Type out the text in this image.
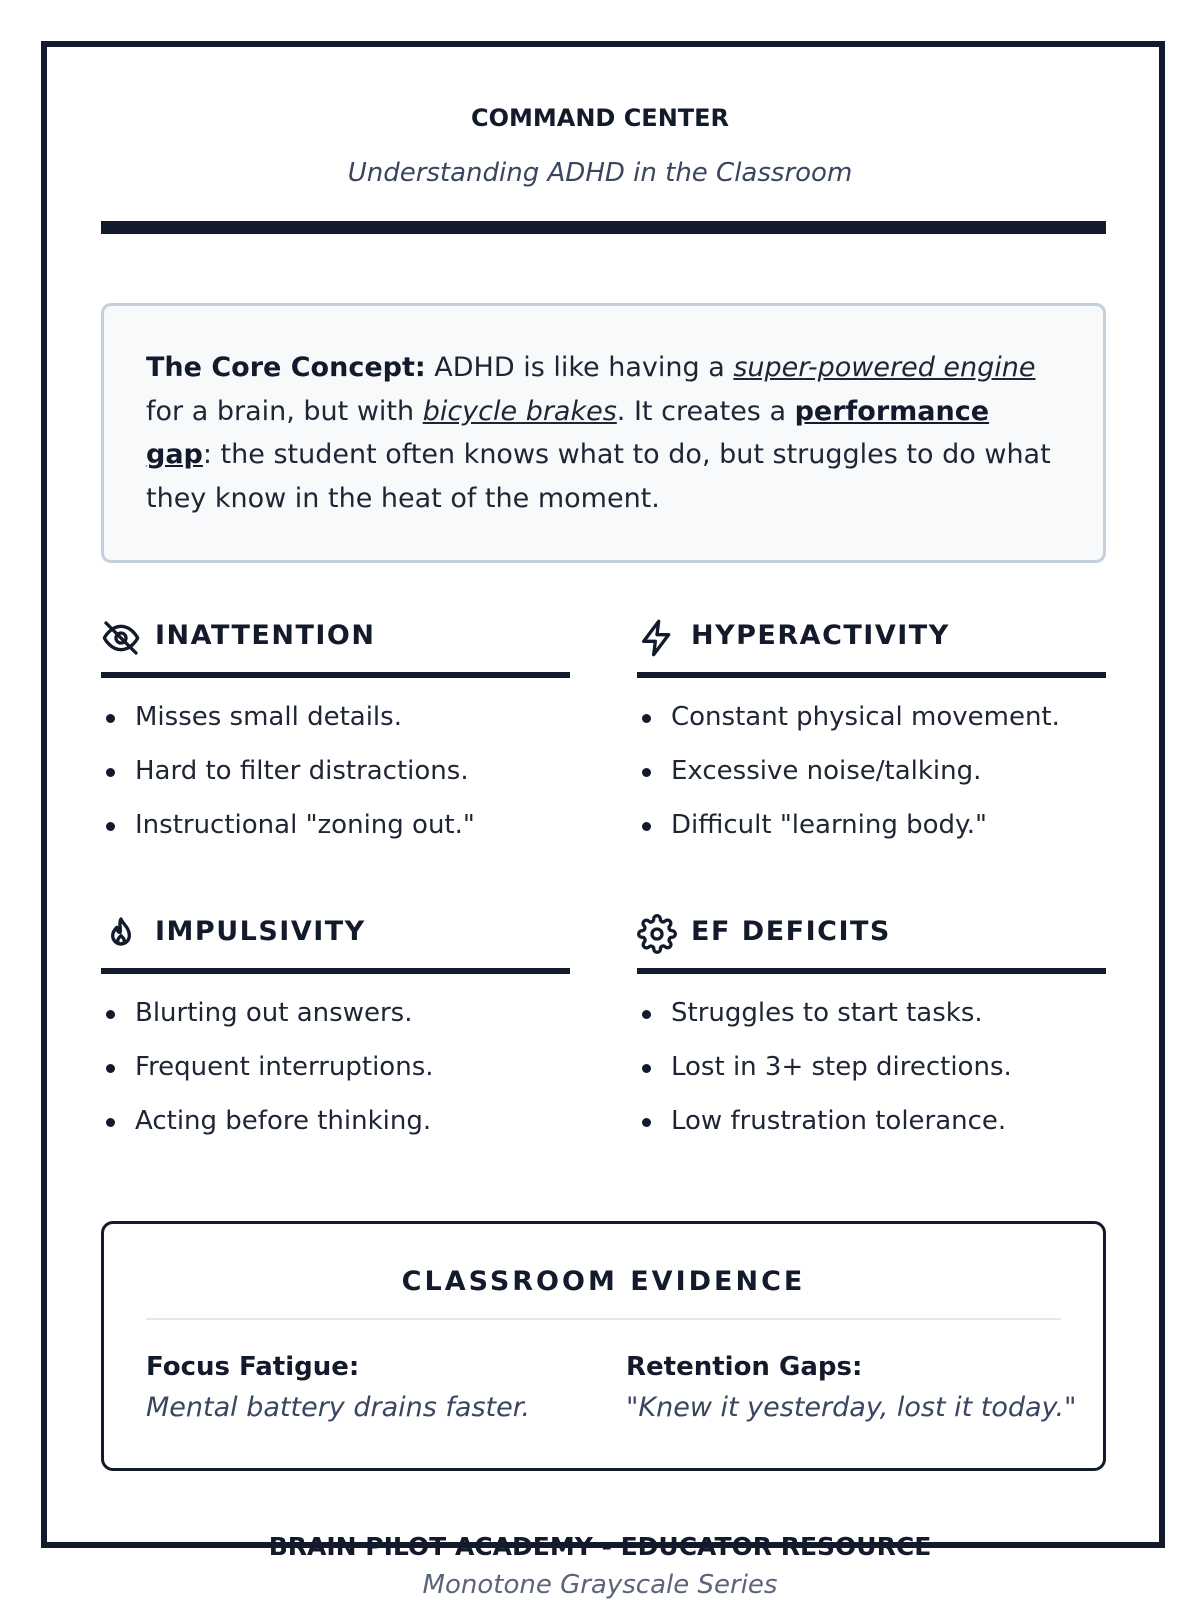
COMMAND CENTER
Understanding ADHD in the Classroom
The Core Concept: ADHD is like having a super-powered engine for a brain, but with bicycle brakes. It creates a performance gap: the student often knows what to do, but struggles to do what they know in the heat of the moment.
INATTENTION
Misses small details.
Hard to filter distractions.
Instructional "zoning out."
HYPERACTIVITY
Constant physical movement.
Excessive noise/talking.
Difficult "learning body."
IMPULSIVITY
Blurting out answers.
Frequent interruptions.
Acting before thinking.
EF DEFICITS
Struggles to start tasks.
Lost in 3+ step directions.
Low frustration tolerance.
CLASSROOM EVIDENCE
Focus Fatigue:
Mental battery drains faster.
Retention Gaps:
"Knew it yesterday, lost it today."
BRAIN PILOT ACADEMY - EDUCATOR RESOURCE
Monotone Grayscale Series
